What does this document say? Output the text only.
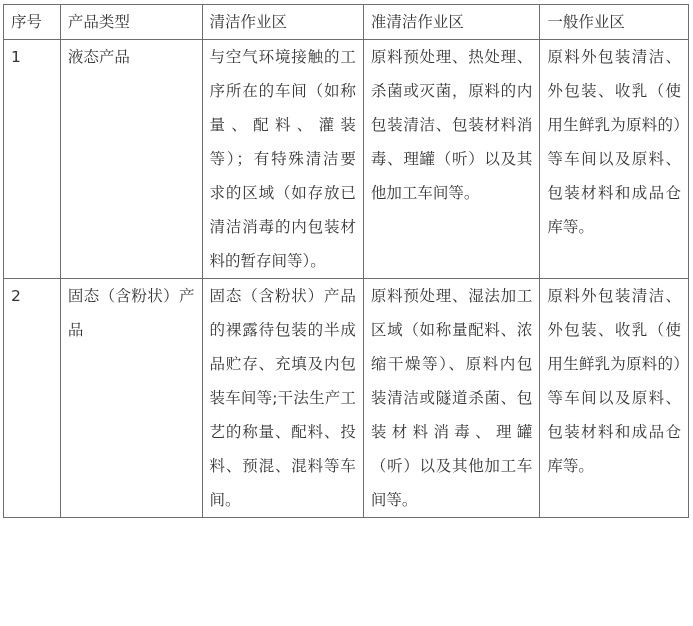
序号	产品类型	清洁作业区	准清洁作业区	一般作业区
1	液态产品	与空气环境接触的工序所在的车间（如称量、配料、灌装等）；有特殊清洁要求的区域（如存放已清洁消毒的内包装材料的暂存间等）。	原料预处理、热处理、杀菌或灭菌，原料的内包装清洁、包装材料消毒、理罐（听）以及其他加工车间等。	原料外包装清洁、外包装、收乳（使用生鲜乳为原料的）等车间以及原料、包装材料和成品仓库等。
2	固态（含粉状）产品	固态（含粉状）产品的裸露待包装的半成品贮存、充填及内包装车间等;干法生产工艺的称量、配料、投料、预混、混料等车间。	原料预处理、湿法加工区域（如称量配料、浓缩干燥等）、原料内包装清洁或隧道杀菌、包装材料消毒、理罐（听）以及其他加工车间等。	原料外包装清洁、外包装、收乳（使用生鲜乳为原料的）等车间以及原料、包装材料和成品仓库等。
